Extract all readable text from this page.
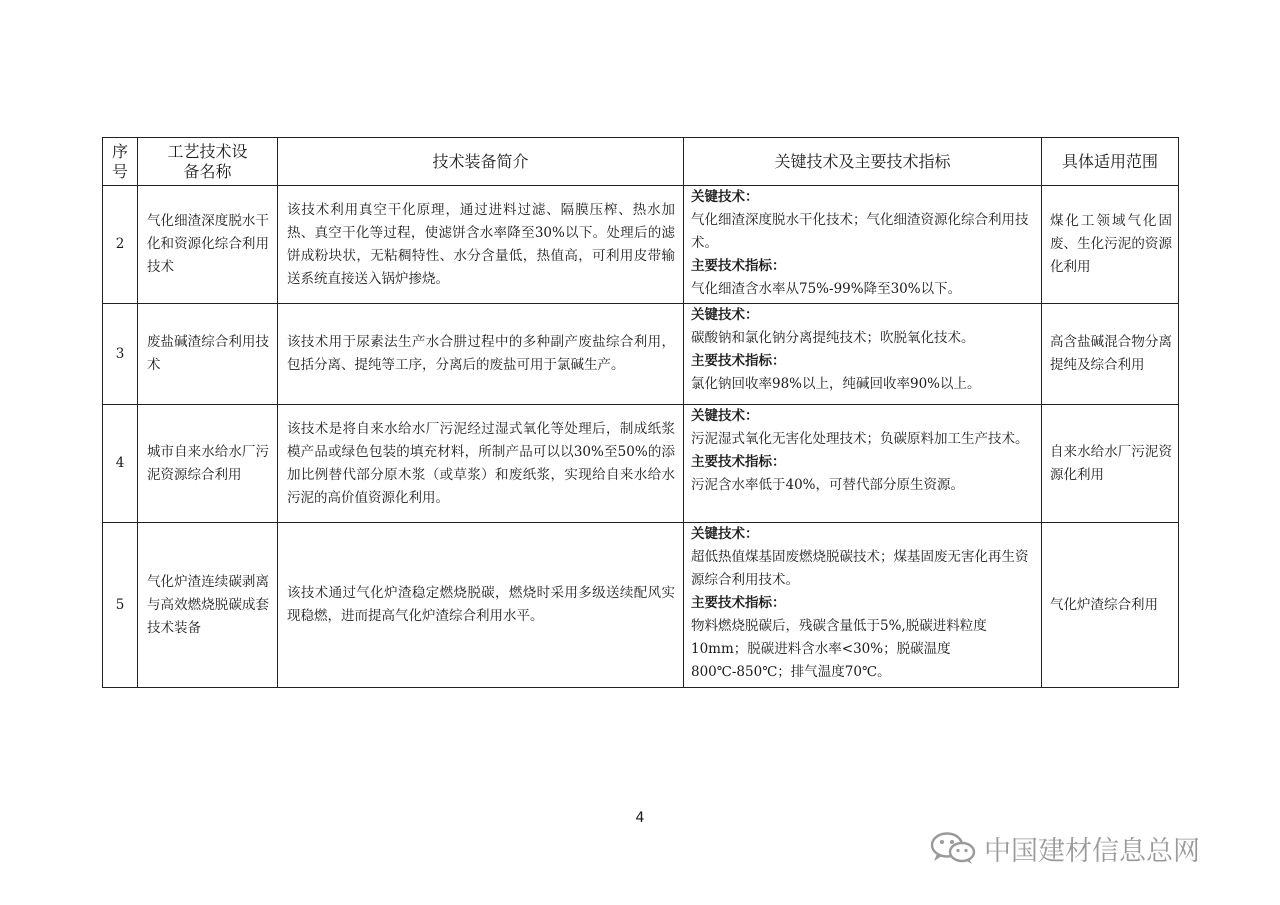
序号	工艺技术设备名称	技术装备简介	关键技术及主要技术指标	具体适用范围
2	气化细渣深度脱水干化和资源化综合利用技术	该技术利用真空干化原理，通过进料过滤、隔膜压榨、热水加热、真空干化等过程，使滤饼含水率降至30%以下。处理后的滤饼成粉块状，无粘稠特性、水分含量低，热值高，可利用皮带输送系统直接送入锅炉掺烧。	关键技术：
气化细渣深度脱水干化技术；气化细渣资源化综合利用技术。
主要技术指标：
气化细渣含水率从75%-99%降至30%以下。	煤化工领域气化固废、生化污泥的资源化利用
3	废盐碱渣综合利用技术	该技术用于尿素法生产水合肼过程中的多种副产废盐综合利用，包括分离、提纯等工序，分离后的废盐可用于氯碱生产。	关键技术：
碳酸钠和氯化钠分离提纯技术；吹脱氧化技术。
主要技术指标：
氯化钠回收率98%以上，纯碱回收率90%以上。	高含盐碱混合物分离提纯及综合利用
4	城市自来水给水厂污泥资源综合利用	该技术是将自来水给水厂污泥经过湿式氧化等处理后，制成纸浆模产品或绿色包装的填充材料，所制产品可以以30%至50%的添加比例替代部分原木浆（或草浆）和废纸浆，实现给自来水给水污泥的高价值资源化利用。	关键技术：
污泥湿式氧化无害化处理技术；负碳原料加工生产技术。
主要技术指标：
污泥含水率低于40%，可替代部分原生资源。	自来水给水厂污泥资源化利用
5	气化炉渣连续碳剥离与高效燃烧脱碳成套技术装备	该技术通过气化炉渣稳定燃烧脱碳，燃烧时采用多级送续配风实现稳燃，进而提高气化炉渣综合利用水平。	关键技术：
超低热值煤基固废燃烧脱碳技术；煤基固废无害化再生资源综合利用技术。
主要技术指标：
物料燃烧脱碳后，残碳含量低于5%,脱碳进料粒度10mm；脱碳进料含水率<30%；脱碳温度800℃-850℃；排气温度70℃。	气化炉渣综合利用
4
中国建材信息总网
